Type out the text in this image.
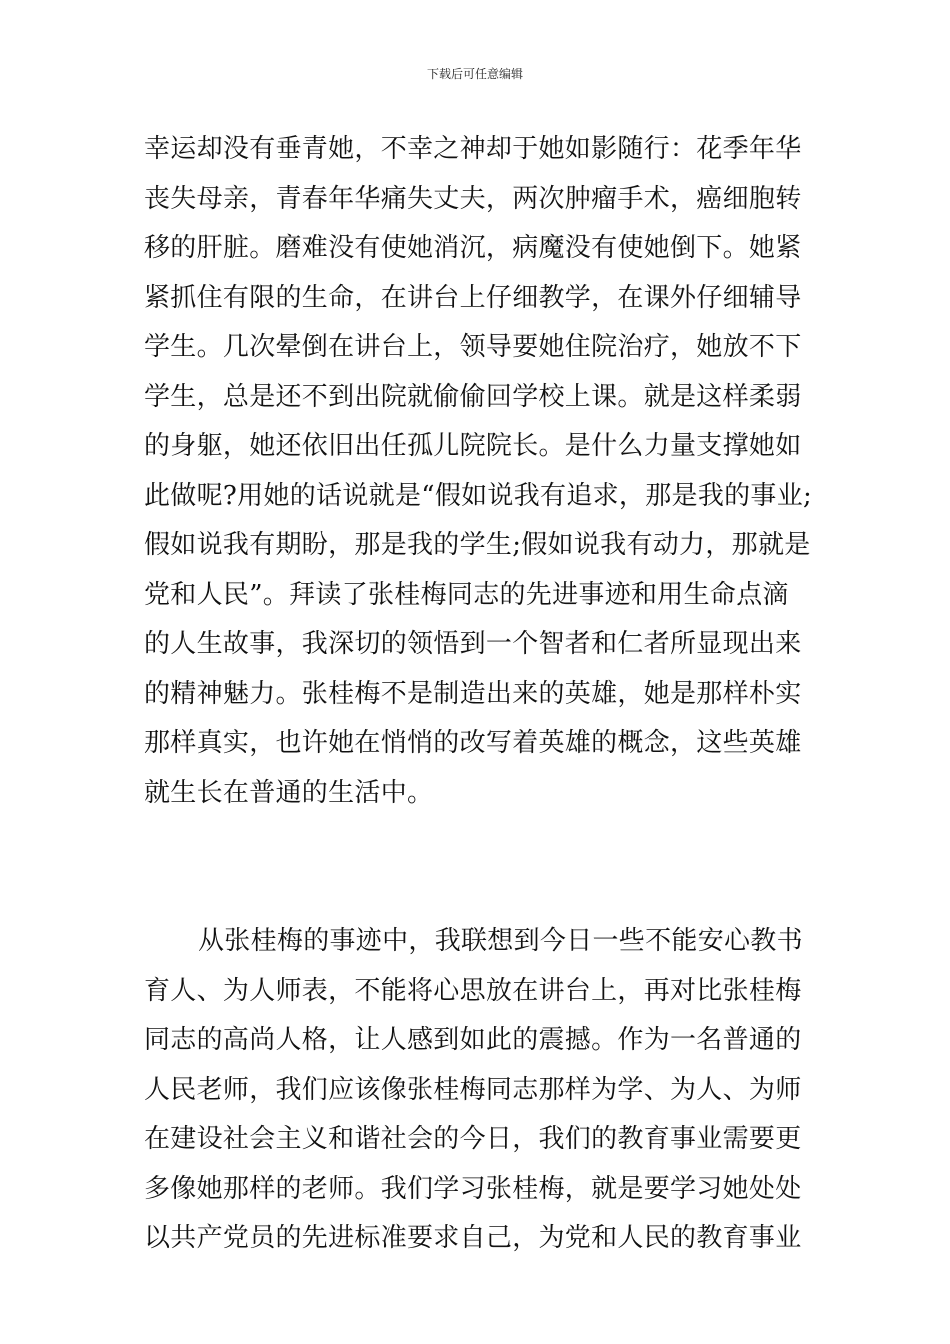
下载后可任意编辑
幸运却没有垂青她，不幸之神却于她如影随行：花季年华
丧失母亲，青春年华痛失丈夫，两次肿瘤手术，癌细胞转
移的肝脏。磨难没有使她消沉，病魔没有使她倒下。她紧
紧抓住有限的生命，在讲台上仔细教学，在课外仔细辅导
学生。几次晕倒在讲台上，领导要她住院治疗，她放不下
学生，总是还不到出院就偷偷回学校上课。就是这样柔弱
的身躯，她还依旧出任孤儿院院长。是什么力量支撑她如
此做呢?用她的话说就是“假如说我有追求，那是我的事业;
假如说我有期盼，那是我的学生;假如说我有动力，那就是
党和人民”。拜读了张桂梅同志的先进事迹和用生命点滴
的人生故事，我深切的领悟到一个智者和仁者所显现出来
的精神魅力。张桂梅不是制造出来的英雄，她是那样朴实
那样真实，也许她在悄悄的改写着英雄的概念，这些英雄
就生长在普通的生活中。
从张桂梅的事迹中，我联想到今日一些不能安心教书
育人、为人师表，不能将心思放在讲台上，再对比张桂梅
同志的高尚人格，让人感到如此的震撼。作为一名普通的
人民老师，我们应该像张桂梅同志那样为学、为人、为师
在建设社会主义和谐社会的今日，我们的教育事业需要更
多像她那样的老师。我们学习张桂梅，就是要学习她处处
以共产党员的先进标准要求自己，为党和人民的教育事业
